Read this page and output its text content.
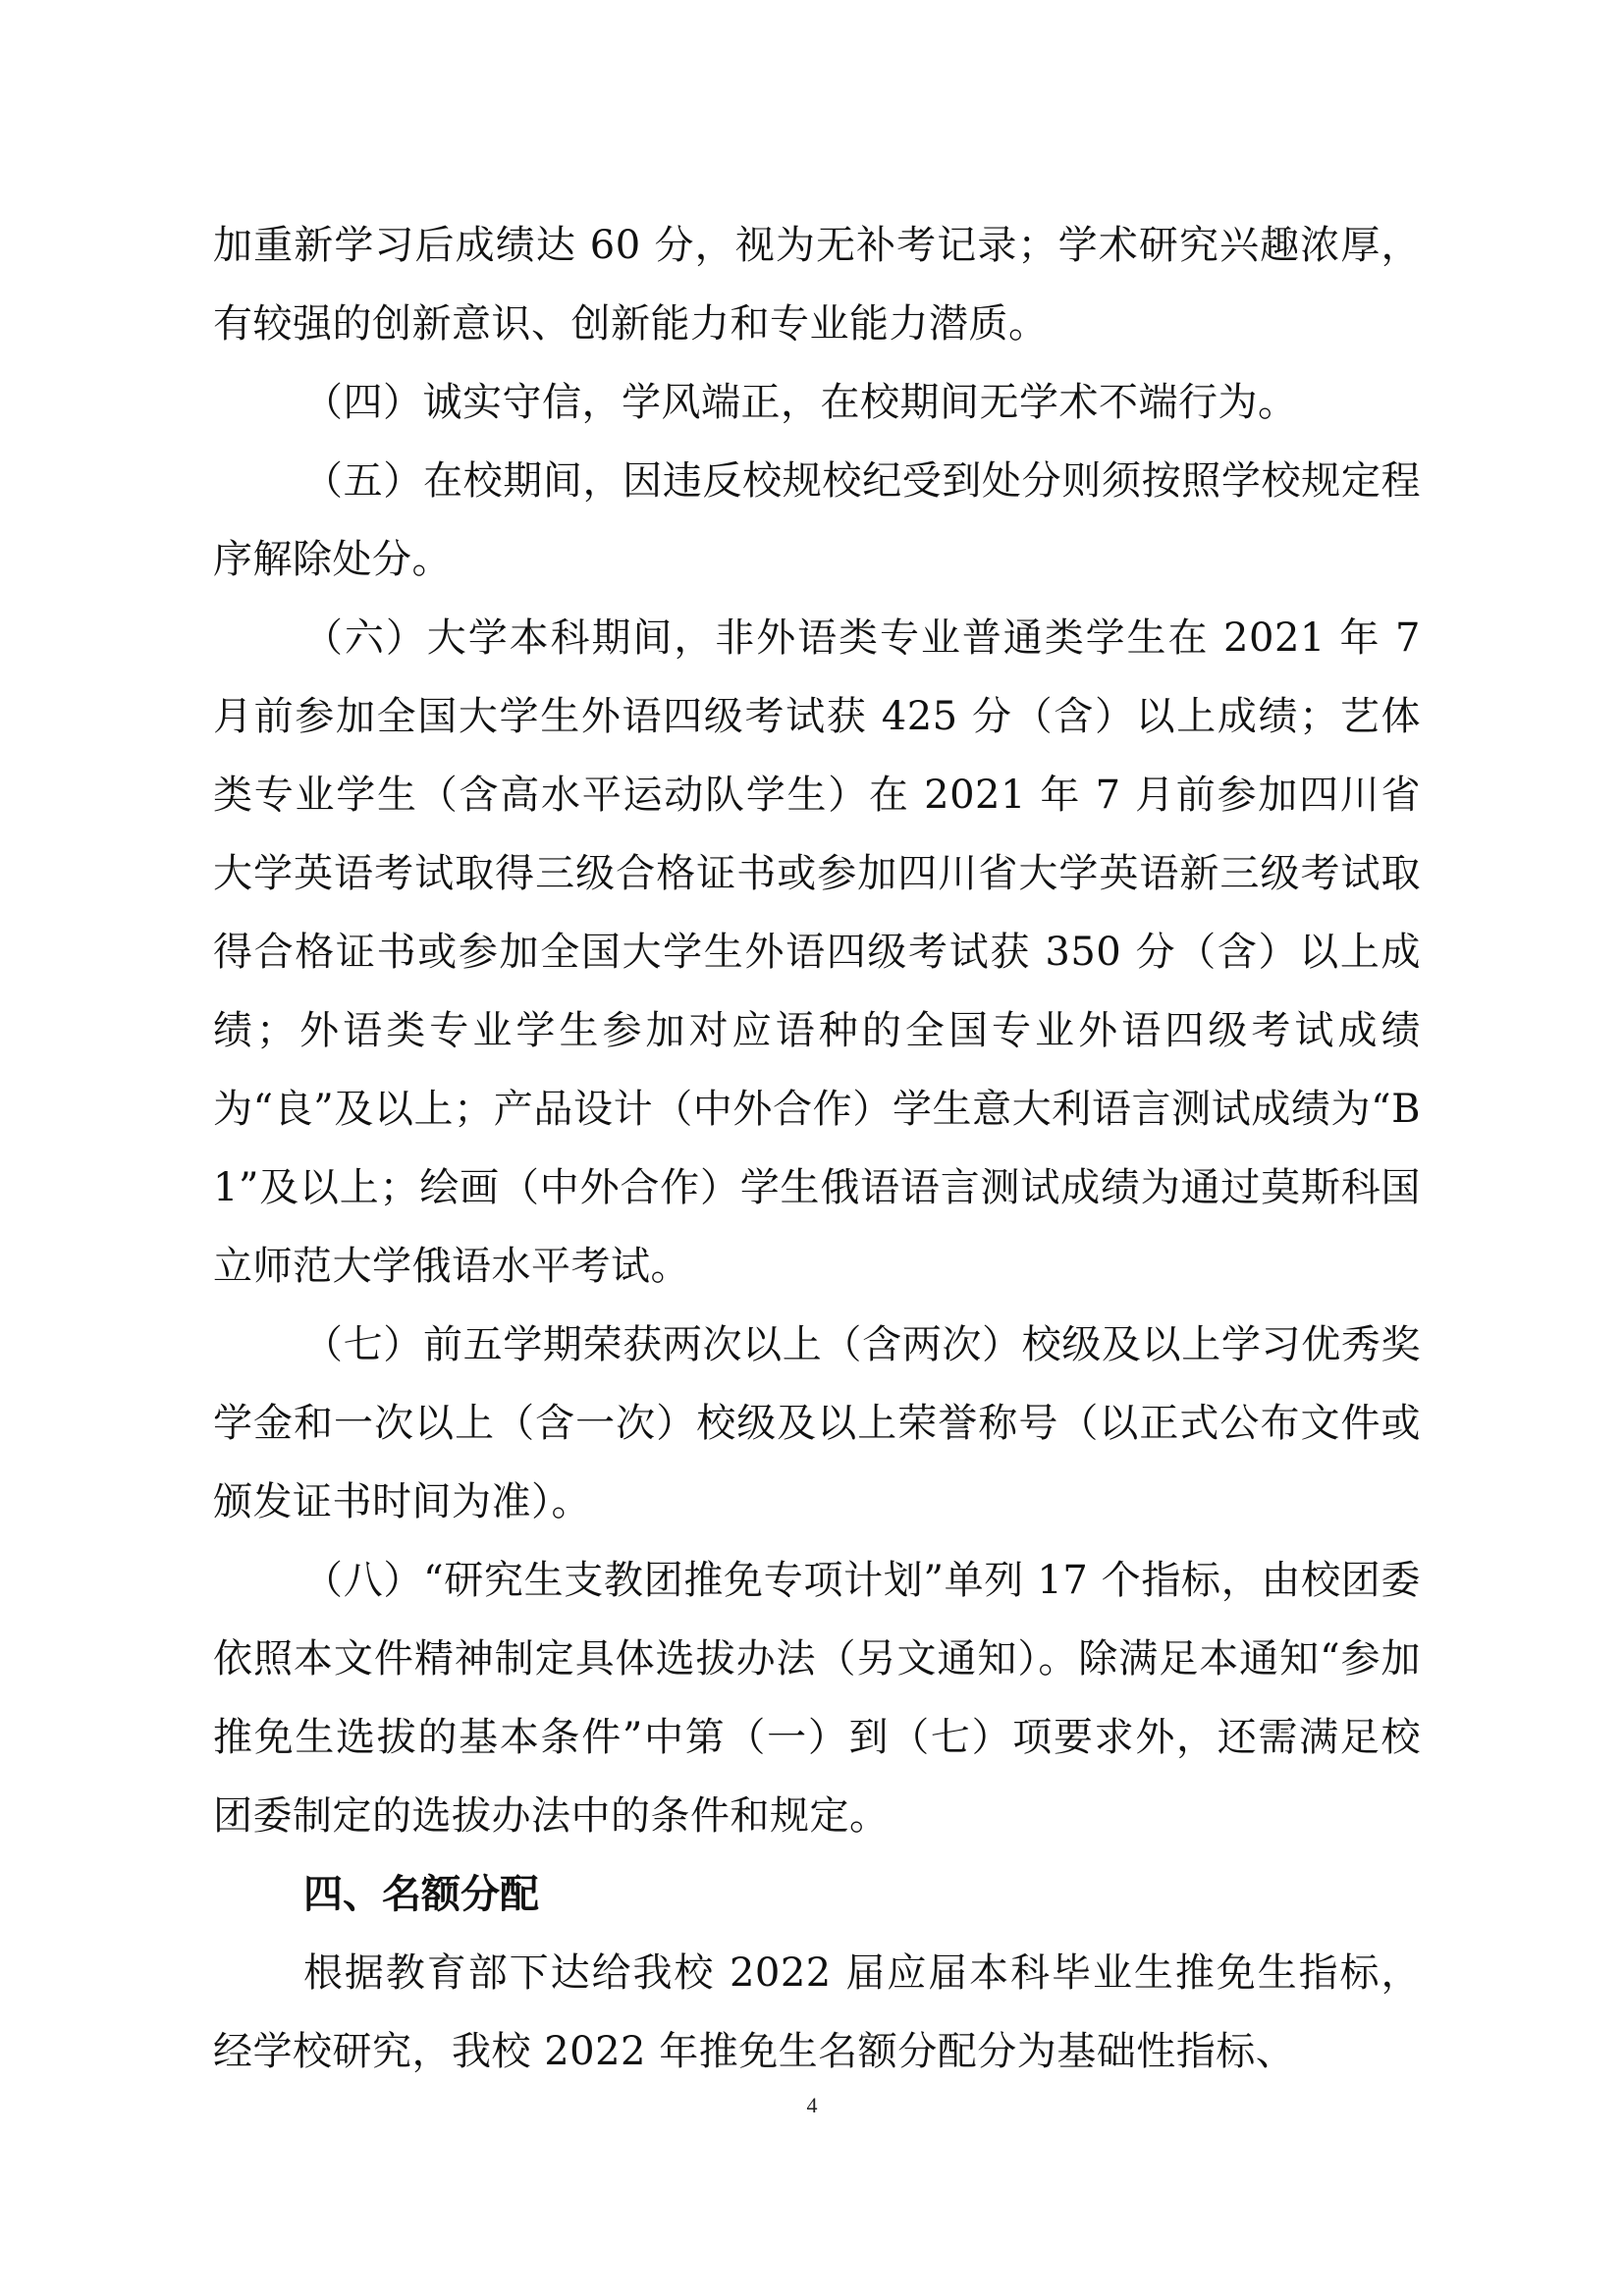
加重新学习后成绩达 60 分，视为无补考记录；学术研究兴趣浓厚，有较强的创新意识、创新能力和专业能力潜质。

（四）诚实守信，学风端正，在校期间无学术不端行为。

（五）在校期间，因违反校规校纪受到处分则须按照学校规定程序解除处分。

（六）大学本科期间，非外语类专业普通类学生在 2021 年 7 月前参加全国大学生外语四级考试获 425 分（含）以上成绩；艺体类专业学生（含高水平运动队学生）在 2021 年 7 月前参加四川省大学英语考试取得三级合格证书或参加四川省大学英语新三级考试取得合格证书或参加全国大学生外语四级考试获 350 分（含）以上成绩；外语类专业学生参加对应语种的全国专业外语四级考试成绩为“良”及以上；产品设计（中外合作）学生意大利语言测试成绩为“B1”及以上；绘画（中外合作）学生俄语语言测试成绩为通过莫斯科国立师范大学俄语水平考试。

（七）前五学期荣获两次以上（含两次）校级及以上学习优秀奖学金和一次以上（含一次）校级及以上荣誉称号（以正式公布文件或颁发证书时间为准）。

（八）“研究生支教团推免专项计划”单列 17 个指标，由校团委依照本文件精神制定具体选拔办法（另文通知）。除满足本通知“参加推免生选拔的基本条件”中第（一）到（七）项要求外，还需满足校团委制定的选拔办法中的条件和规定。

四、名额分配

根据教育部下达给我校 2022 届应届本科毕业生推免生指标，经学校研究，我校 2022 年推免生名额分配分为基础性指标、

4
